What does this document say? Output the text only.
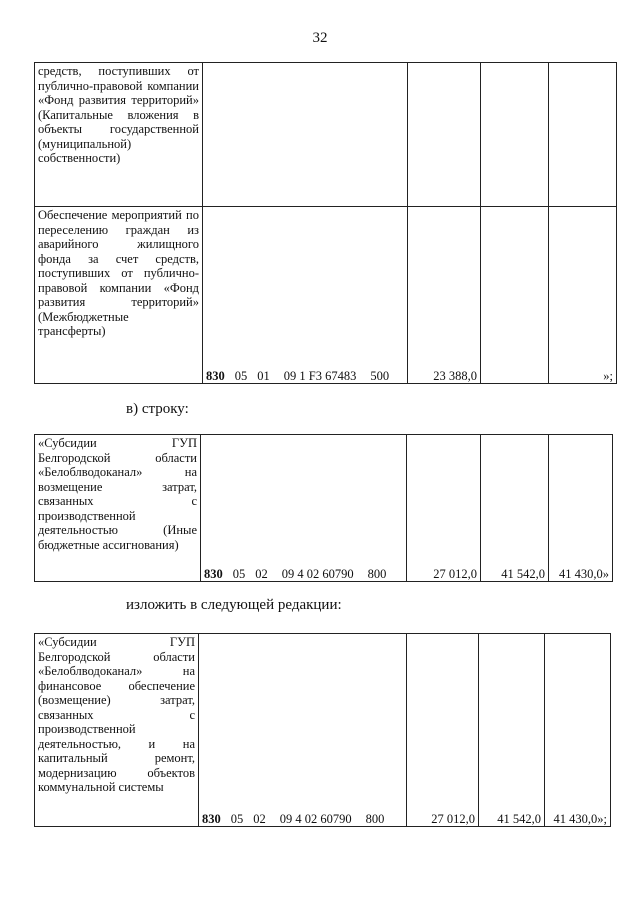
32
средств, поступивших от публично-правовой компании «Фонд развития территорий» (Капитальные вложения в объекты государственной (муниципальной) собственности)				
Обеспечение мероприятий по переселению граждан из аварийного жилищного фонда за счет средств, поступивших от публично-правовой компании «Фонд развития территорий» (Межбюджетные трансферты)	830 05 01 09 1 F3 67483 500	23 388,0		»;
в) строку:
«Субсидии ГУП Белгородской области «Белоблводоканал» на возмещение затрат, связанных с производственной деятельностью (Иные бюджетные ассигнования)	830 05 02 09 4 02 60790 800	27 012,0	41 542,0	41 430,0»
изложить в следующей редакции:
«Субсидии ГУП Белгородской области «Белоблводоканал» на финансовое обеспечение (возмещение) затрат, связанных с производственной деятельностью, и на капитальный ремонт, модернизацию объектов коммунальной системы	830 05 02 09 4 02 60790 800	27 012,0	41 542,0	41 430,0»;
